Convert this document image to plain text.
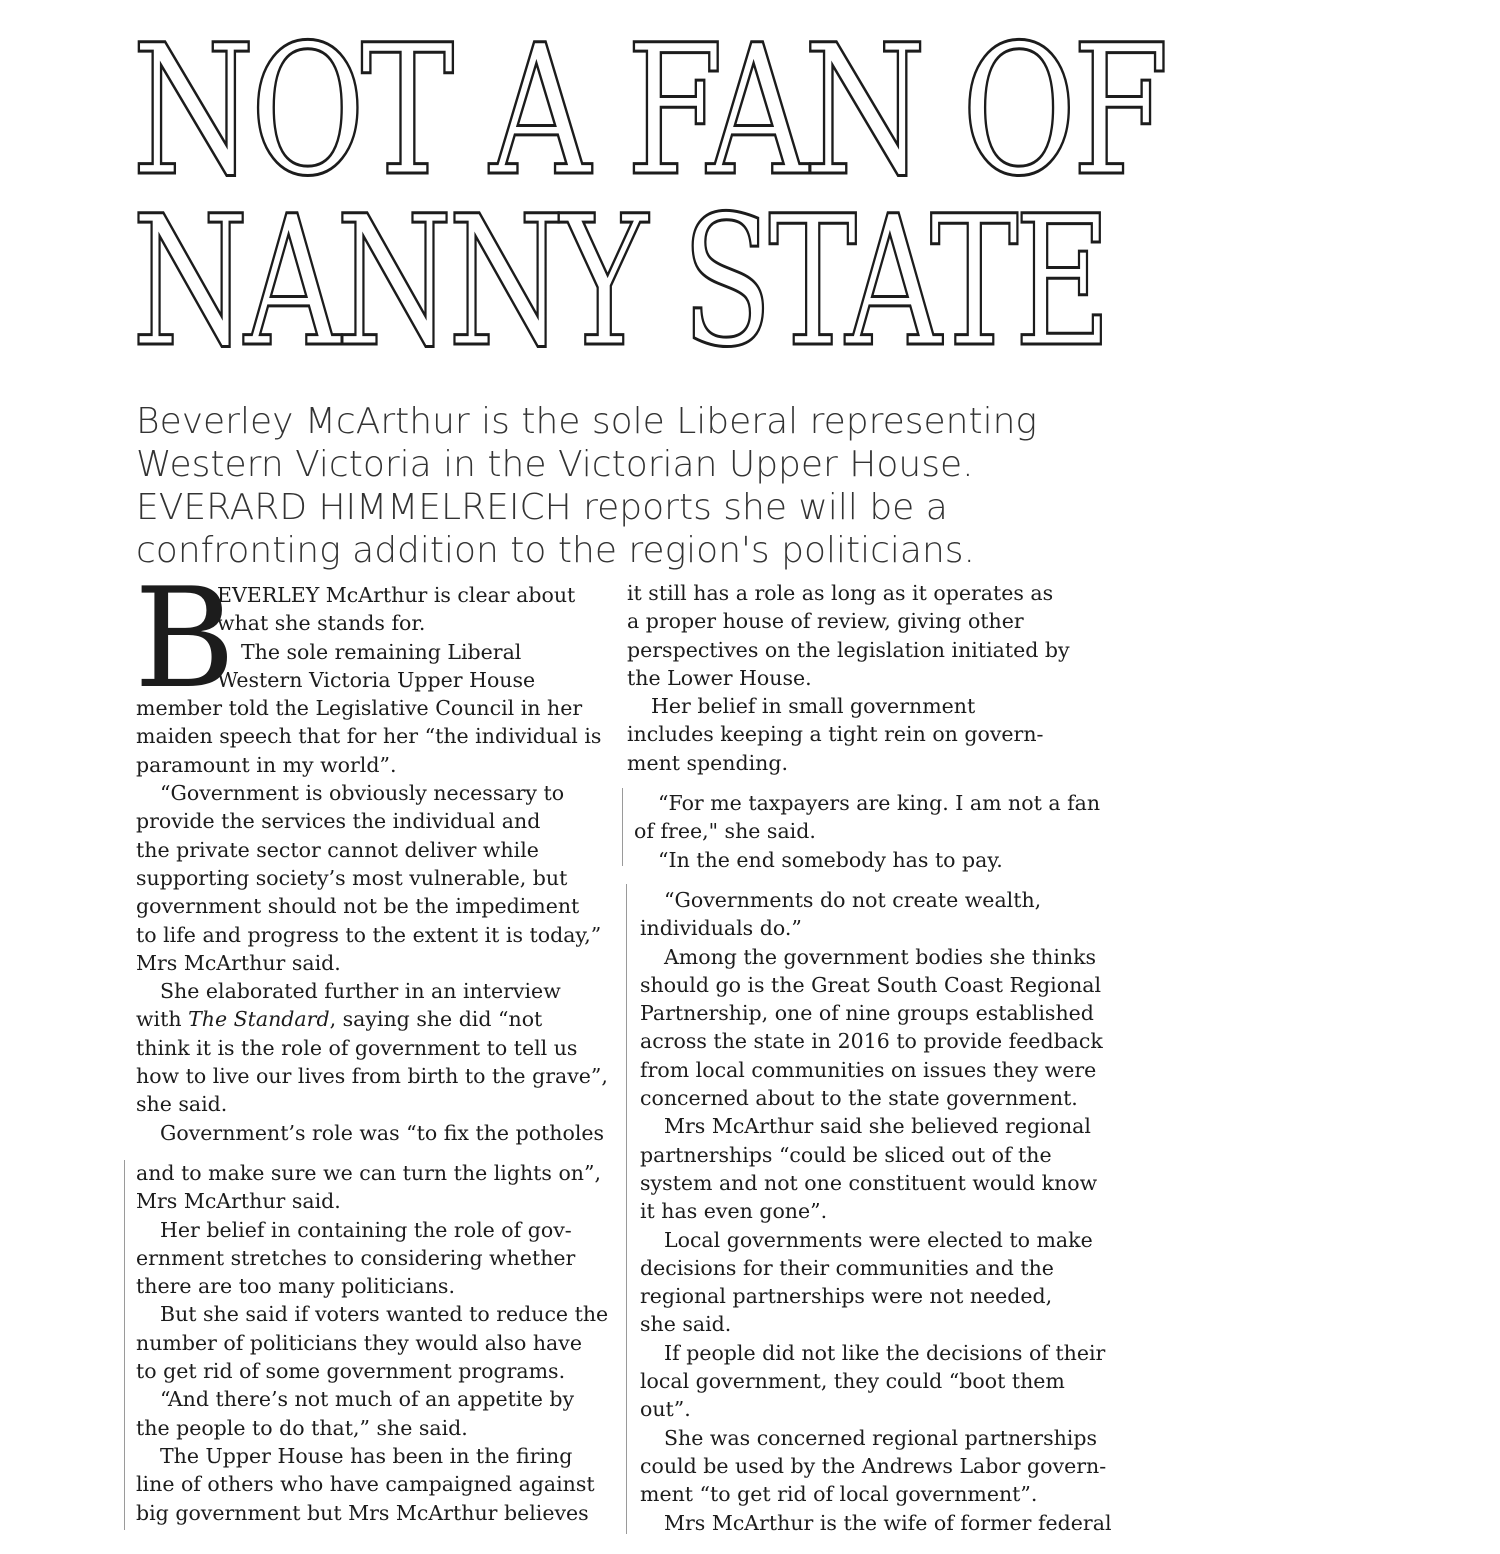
NOT A FAN OF
NANNY STATE

Beverley McArthur is the sole Liberal representing
Western Victoria in the Victorian Upper House.
EVERARD HIMMELREICH reports she will be a
confronting addition to the region's politicians.

B
EVERLEY McArthur is clear about
what she stands for.
The sole remaining Liberal
Western Victoria Upper House
member told the Legislative Council in her
maiden speech that for her “the individual is
paramount in my world”.
“Government is obviously necessary to
provide the services the individual and
the private sector cannot deliver while
supporting society’s most vulnerable, but
government should not be the impediment
to life and progress to the extent it is today,”
Mrs McArthur said.
She elaborated further in an interview
with The Standard, saying she did “not
think it is the role of government to tell us
how to live our lives from birth to the grave”,
she said.
Government’s role was “to fix the potholes
and to make sure we can turn the lights on”,
Mrs McArthur said.
Her belief in containing the role of gov-
ernment stretches to considering whether
there are too many politicians.
But she said if voters wanted to reduce the
number of politicians they would also have
to get rid of some government programs.
“And there’s not much of an appetite by
the people to do that,” she said.
The Upper House has been in the firing
line of others who have campaigned against
big government but Mrs McArthur believes
it still has a role as long as it operates as
a proper house of review, giving other
perspectives on the legislation initiated by
the Lower House.
Her belief in small government
includes keeping a tight rein on govern-
ment spending.
“For me taxpayers are king. I am not a fan
of free," she said.
“In the end somebody has to pay.
“Governments do not create wealth,
individuals do.”
Among the government bodies she thinks
should go is the Great South Coast Regional
Partnership, one of nine groups established
across the state in 2016 to provide feedback
from local communities on issues they were
concerned about to the state government.
Mrs McArthur said she believed regional
partnerships “could be sliced out of the
system and not one constituent would know
it has even gone”.
Local governments were elected to make
decisions for their communities and the
regional partnerships were not needed,
she said.
If people did not like the decisions of their
local government, they could “boot them
out”.
She was concerned regional partnerships
could be used by the Andrews Labor govern-
ment “to get rid of local government”.
Mrs McArthur is the wife of former federal
